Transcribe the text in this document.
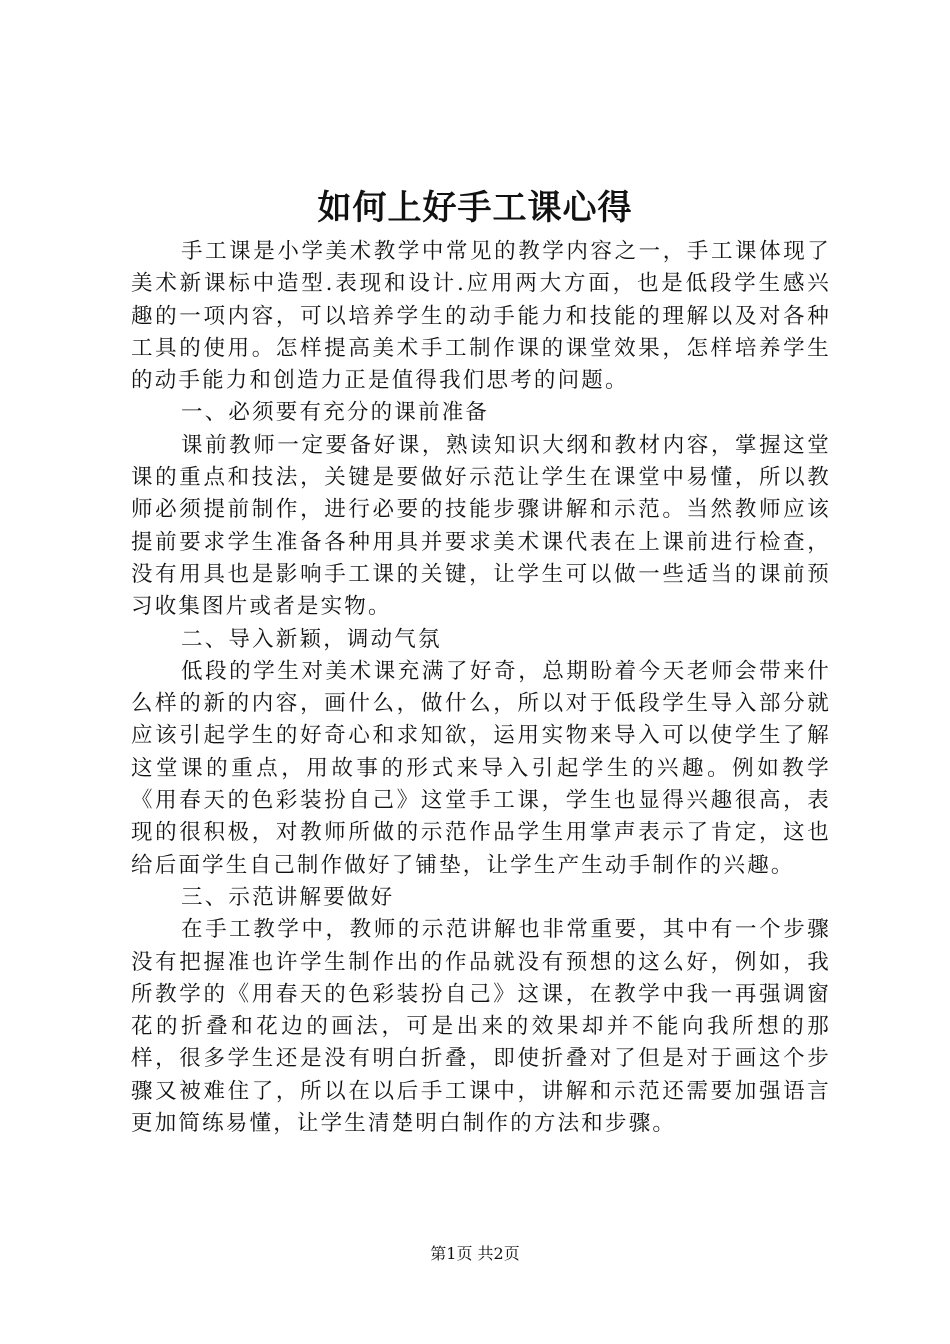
如何上好手工课心得

手工课是小学美术教学中常见的教学内容之一，手工课体现了美术新课标中造型.表现和设计.应用两大方面，也是低段学生感兴趣的一项内容，可以培养学生的动手能力和技能的理解以及对各种工具的使用。怎样提高美术手工制作课的课堂效果，怎样培养学生的动手能力和创造力正是值得我们思考的问题。

一、必须要有充分的课前准备

课前教师一定要备好课，熟读知识大纲和教材内容，掌握这堂课的重点和技法，关键是要做好示范让学生在课堂中易懂，所以教师必须提前制作，进行必要的技能步骤讲解和示范。当然教师应该提前要求学生准备各种用具并要求美术课代表在上课前进行检查，没有用具也是影响手工课的关键，让学生可以做一些适当的课前预习收集图片或者是实物。

二、导入新颖，调动气氛

低段的学生对美术课充满了好奇，总期盼着今天老师会带来什么样的新的内容，画什么，做什么，所以对于低段学生导入部分就应该引起学生的好奇心和求知欲，运用实物来导入可以使学生了解这堂课的重点，用故事的形式来导入引起学生的兴趣。例如教学《用春天的色彩装扮自己》这堂手工课，学生也显得兴趣很高，表现的很积极，对教师所做的示范作品学生用掌声表示了肯定，这也给后面学生自己制作做好了铺垫，让学生产生动手制作的兴趣。

三、示范讲解要做好

在手工教学中，教师的示范讲解也非常重要，其中有一个步骤没有把握准也许学生制作出的作品就没有预想的这么好，例如，我所教学的《用春天的色彩装扮自己》这课，在教学中我一再强调窗花的折叠和花边的画法，可是出来的效果却并不能向我所想的那样，很多学生还是没有明白折叠，即使折叠对了但是对于画这个步骤又被难住了，所以在以后手工课中，讲解和示范还需要加强语言更加简练易懂，让学生清楚明白制作的方法和步骤。

第1页 共2页
